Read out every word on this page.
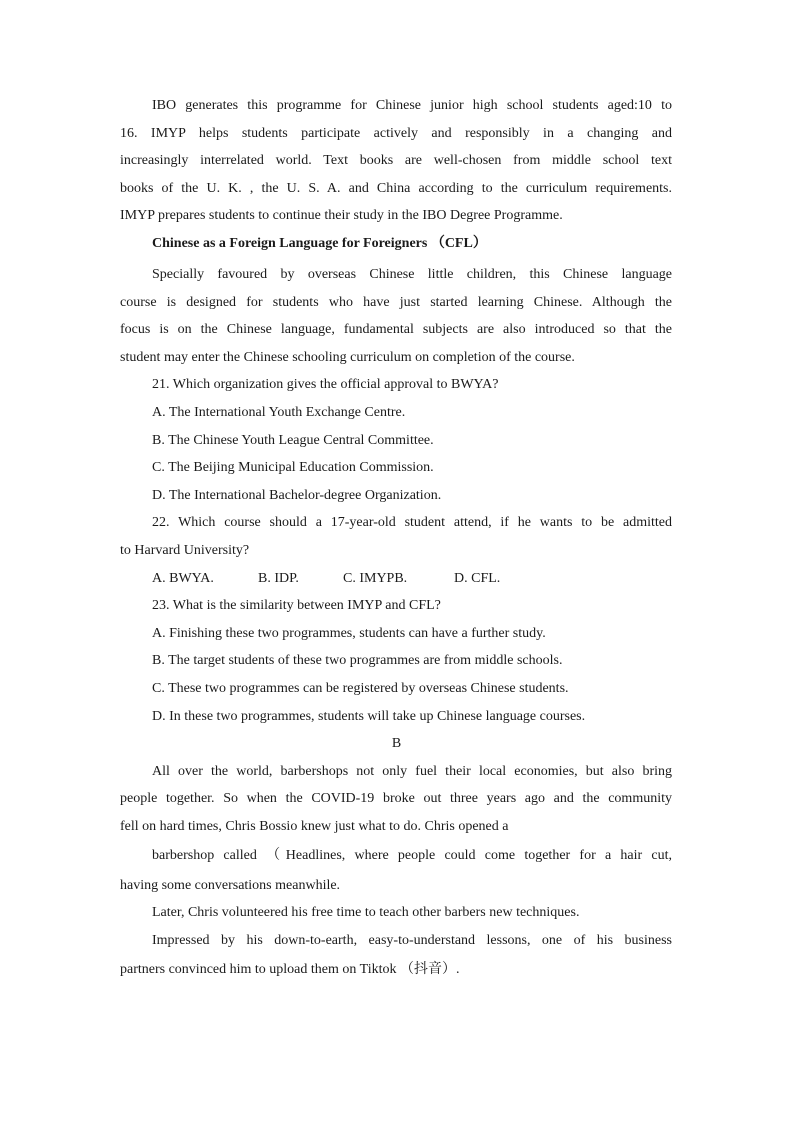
IBO generates this programme for Chinese junior high school students aged:10 to
16. IMYP helps students participate actively and responsibly in a changing and
increasingly interrelated world. Text books are well-chosen from middle school text
books of the U. K. , the U. S. A. and China according to the curriculum requirements.
IMYP prepares students to continue their study in the IBO Degree Programme.
Chinese as a Foreign Language for Foreigners （CFL）
Specially favoured by overseas Chinese little children, this Chinese language
course is designed for students who have just started learning Chinese. Although the
focus is on the Chinese language, fundamental subjects are also introduced so that the
student may enter the Chinese schooling curriculum on completion of the course.
21. Which organization gives the official approval to BWYA?
A. The International Youth Exchange Centre.
B. The Chinese Youth League Central Committee.
C. The Beijing Municipal Education Commission.
D. The International Bachelor-degree Organization.
22. Which course should a 17-year-old student attend, if he wants to be admitted
to Harvard University?
A. BWYA.	B. IDP.	C. IMYPB.	D. CFL.
23. What is the similarity between IMYP and CFL?
A. Finishing these two programmes, students can have a further study.
B. The target students of these two programmes are from middle schools.
C. These two programmes can be registered by overseas Chinese students.
D. In these two programmes, students will take up Chinese language courses.
B
All over the world, barbershops not only fuel their local economies, but also bring
people together. So when the COVID-19 broke out three years ago and the community
fell on hard times, Chris Bossio knew just what to do. Chris opened a
barbershop called （Headlines, where people could come together for a hair cut,
having some conversations meanwhile.
Later, Chris volunteered his free time to teach other barbers new techniques.
Impressed by his down-to-earth, easy-to-understand lessons, one of his business
partners convinced him to upload them on Tiktok （抖音）.
